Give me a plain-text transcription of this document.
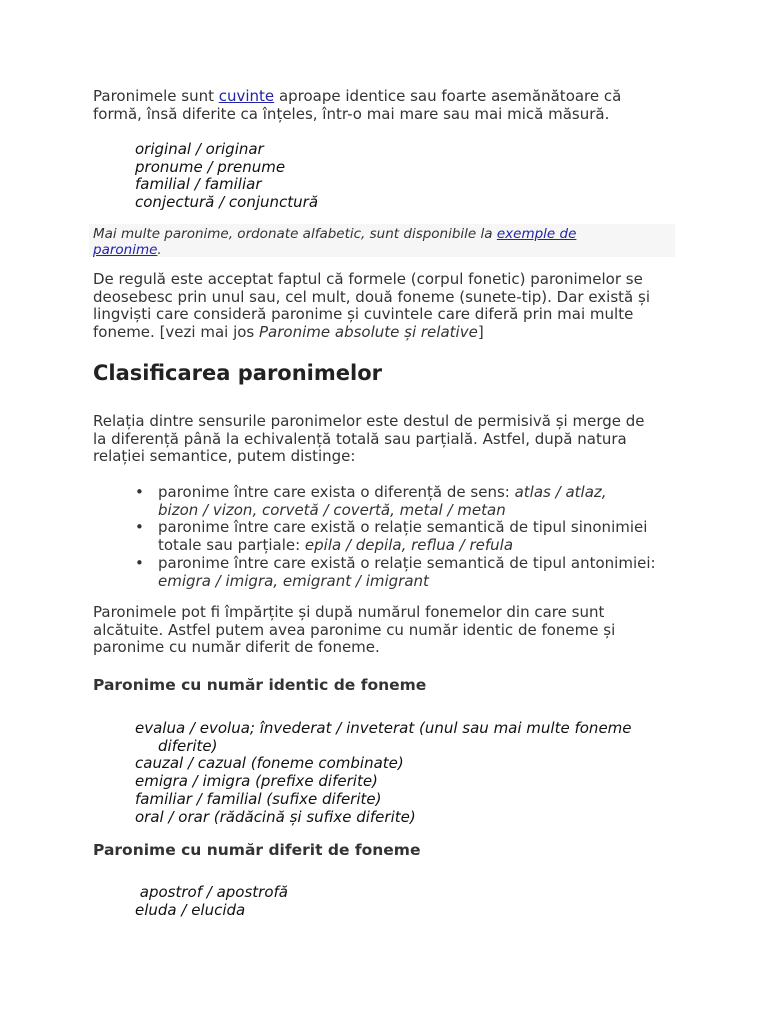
Paronimele sunt cuvinte aproape identice sau foarte asemănătoare că
formă, însă diferite ca înțeles, într-o mai mare sau mai mică măsură.
original / originar
pronume / prenume
familial / familiar
conjectură / conjunctură
Mai multe paronime, ordonate alfabetic, sunt disponibile la exemple de
paronime.
De regulă este acceptat faptul că formele (corpul fonetic) paronimelor se
deosebesc prin unul sau, cel mult, două foneme (sunete-tip). Dar există și
lingviști care consideră paronime și cuvintele care diferă prin mai multe
foneme. [vezi mai jos Paronime absolute și relative]
Clasificarea paronimelor
Relația dintre sensurile paronimelor este destul de permisivă și merge de
la diferență până la echivalență totală sau parțială. Astfel, după natura
relației semantice, putem distinge:
• paronime între care exista o diferență de sens: atlas / atlaz,
bizon / vizon, corvetă / covertă, metal / metan
• paronime între care există o relație semantică de tipul sinonimiei
totale sau parțiale: epila / depila, reflua / refula
• paronime între care există o relație semantică de tipul antonimiei:
emigra / imigra, emigrant / imigrant
Paronimele pot fi împărțite și după numărul fonemelor din care sunt
alcătuite. Astfel putem avea paronime cu număr identic de foneme și
paronime cu număr diferit de foneme.
Paronime cu număr identic de foneme
evalua / evolua; învederat / inveterat (unul sau mai multe foneme
diferite)
cauzal / cazual (foneme combinate)
emigra / imigra (prefixe diferite)
familiar / familial (sufixe diferite)
oral / orar (rădăcină și sufixe diferite)
Paronime cu număr diferit de foneme
apostrof / apostrofă
eluda / elucida
